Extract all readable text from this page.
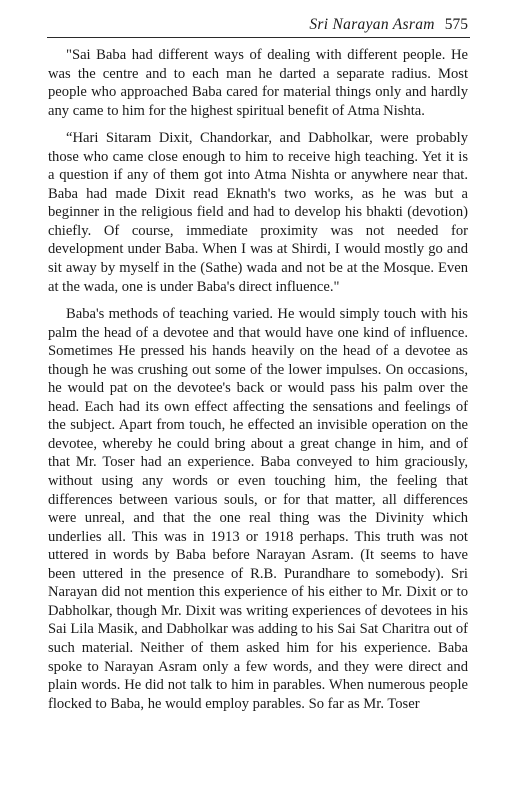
Sri Narayan Asram 575

"Sai Baba had different ways of dealing with different people. He was the centre and to each man he darted a separate radius. Most people who approached Baba cared for material things only and hardly any came to him for the highest spiritual benefit of Atma Nishta.

“Hari Sitaram Dixit, Chandorkar, and Dabholkar, were probably those who came close enough to him to receive high teaching. Yet it is a question if any of them got into Atma Nishta or anywhere near that. Baba had made Dixit read Eknath's two works, as he was but a beginner in the religious field and had to develop his bhakti (devotion) chiefly. Of course, immediate proximity was not needed for development under Baba. When I was at Shirdi, I would mostly go and sit away by myself in the (Sathe) wada and not be at the Mosque. Even at the wada, one is under Baba's direct influence."

Baba's methods of teaching varied. He would simply touch with his palm the head of a devotee and that would have one kind of influence. Sometimes He pressed his hands heavily on the head of a devotee as though he was crushing out some of the lower impulses. On occasions, he would pat on the devotee's back or would pass his palm over the head. Each had its own effect affecting the sensations and feelings of the subject. Apart from touch, he effected an invisible operation on the devotee, whereby he could bring about a great change in him, and of that Mr. Toser had an experience. Baba conveyed to him graciously, without using any words or even touching him, the feeling that differences between various souls, or for that matter, all differences were unreal, and that the one real thing was the Divinity which underlies all. This was in 1913 or 1918 perhaps. This truth was not uttered in words by Baba before Narayan Asram. (It seems to have been uttered in the presence of R.B. Purandhare to somebody). Sri Narayan did not mention this experience of his either to Mr. Dixit or to Dabholkar, though Mr. Dixit was writing experiences of devotees in his Sai Lila Masik, and Dabholkar was adding to his Sai Sat Charitra out of such material. Neither of them asked him for his experience. Baba spoke to Narayan Asram only a few words, and they were direct and plain words. He did not talk to him in parables. When numerous people flocked to Baba, he would employ parables. So far as Mr. Toser
